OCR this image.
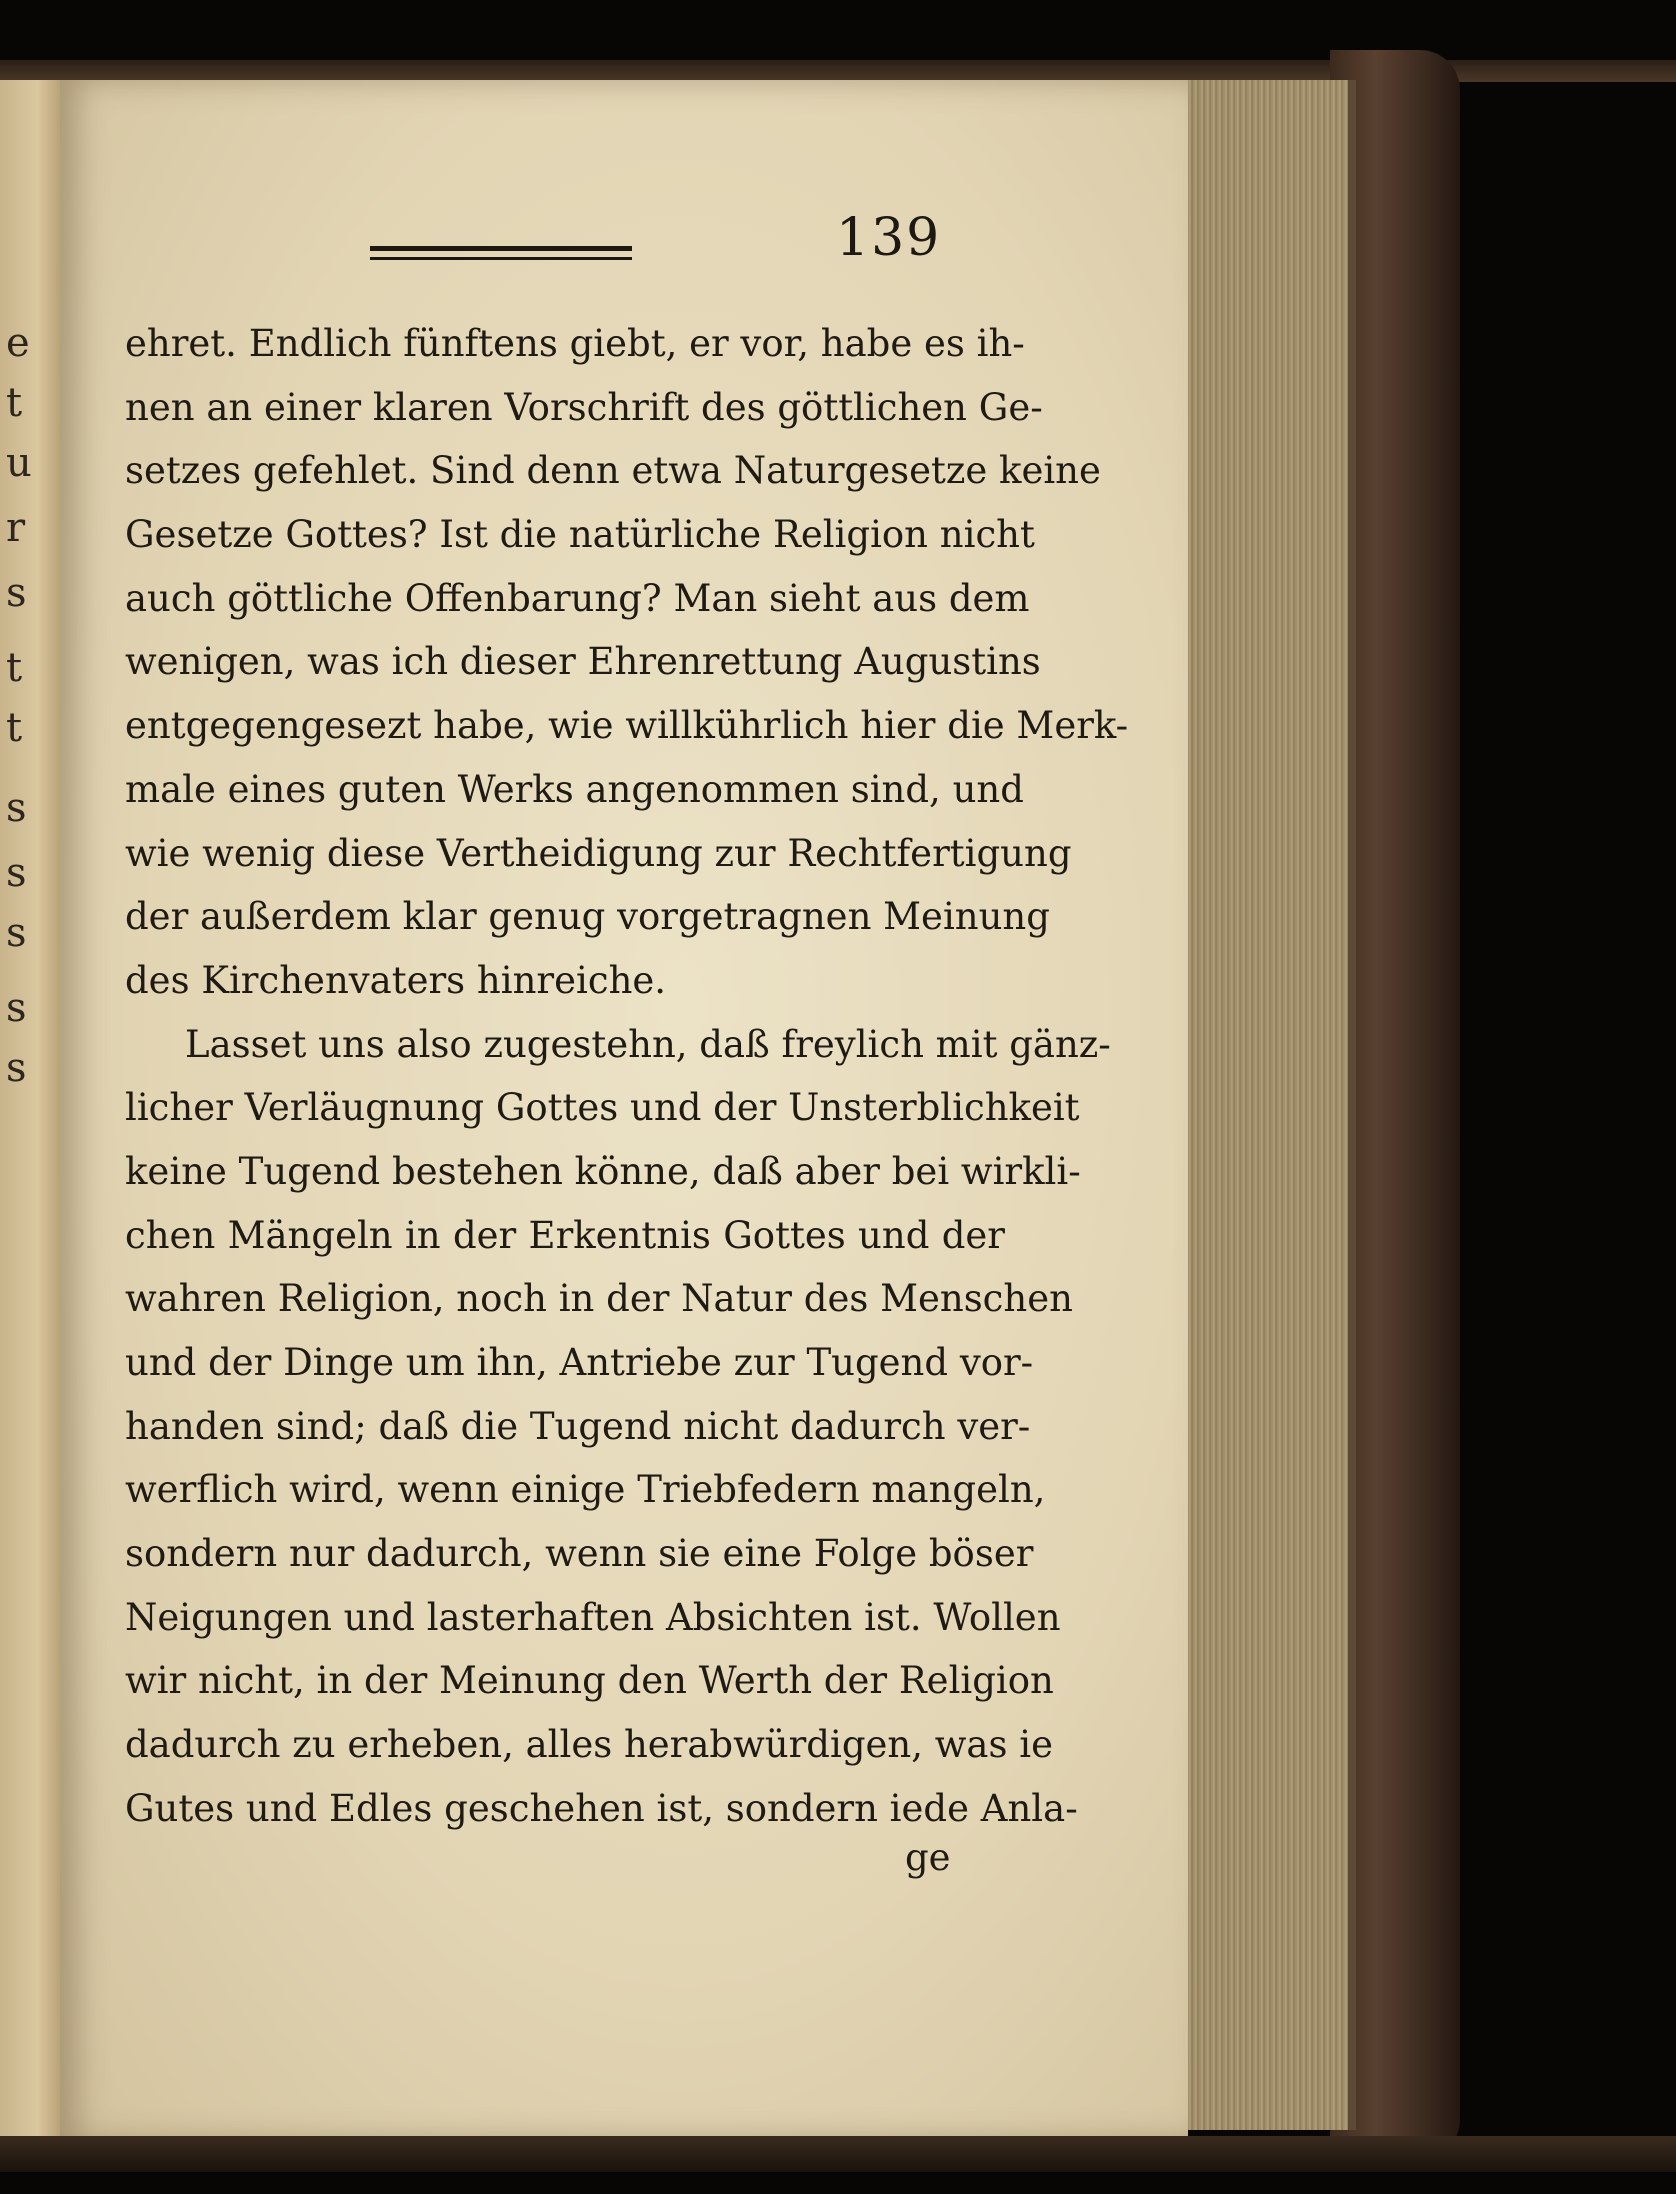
e
t
u
r
s
t
t
s
s
s
s
s
139
ehret. Endlich fünftens giebt, er vor, habe es ih-
nen an einer klaren Vorschrift des göttlichen Ge-
setzes gefehlet. Sind denn etwa Naturgesetze keine
Gesetze Gottes? Ist die natürliche Religion nicht
auch göttliche Offenbarung? Man sieht aus dem
wenigen, was ich dieser Ehrenrettung Augustins
entgegengesezt habe, wie willkührlich hier die Merk-
male eines guten Werks angenommen sind, und
wie wenig diese Vertheidigung zur Rechtfertigung
der außerdem klar genug vorgetragnen Meinung
des Kirchenvaters hinreiche.
Lasset uns also zugestehn, daß freylich mit gänz-
licher Verläugnung Gottes und der Unsterblichkeit
keine Tugend bestehen könne, daß aber bei wirkli-
chen Mängeln in der Erkentnis Gottes und der
wahren Religion, noch in der Natur des Menschen
und der Dinge um ihn, Antriebe zur Tugend vor-
handen sind; daß die Tugend nicht dadurch ver-
werflich wird, wenn einige Triebfedern mangeln,
sondern nur dadurch, wenn sie eine Folge böser
Neigungen und lasterhaften Absichten ist. Wollen
wir nicht, in der Meinung den Werth der Religion
dadurch zu erheben, alles herabwürdigen, was ie
Gutes und Edles geschehen ist, sondern iede Anla-
ge
